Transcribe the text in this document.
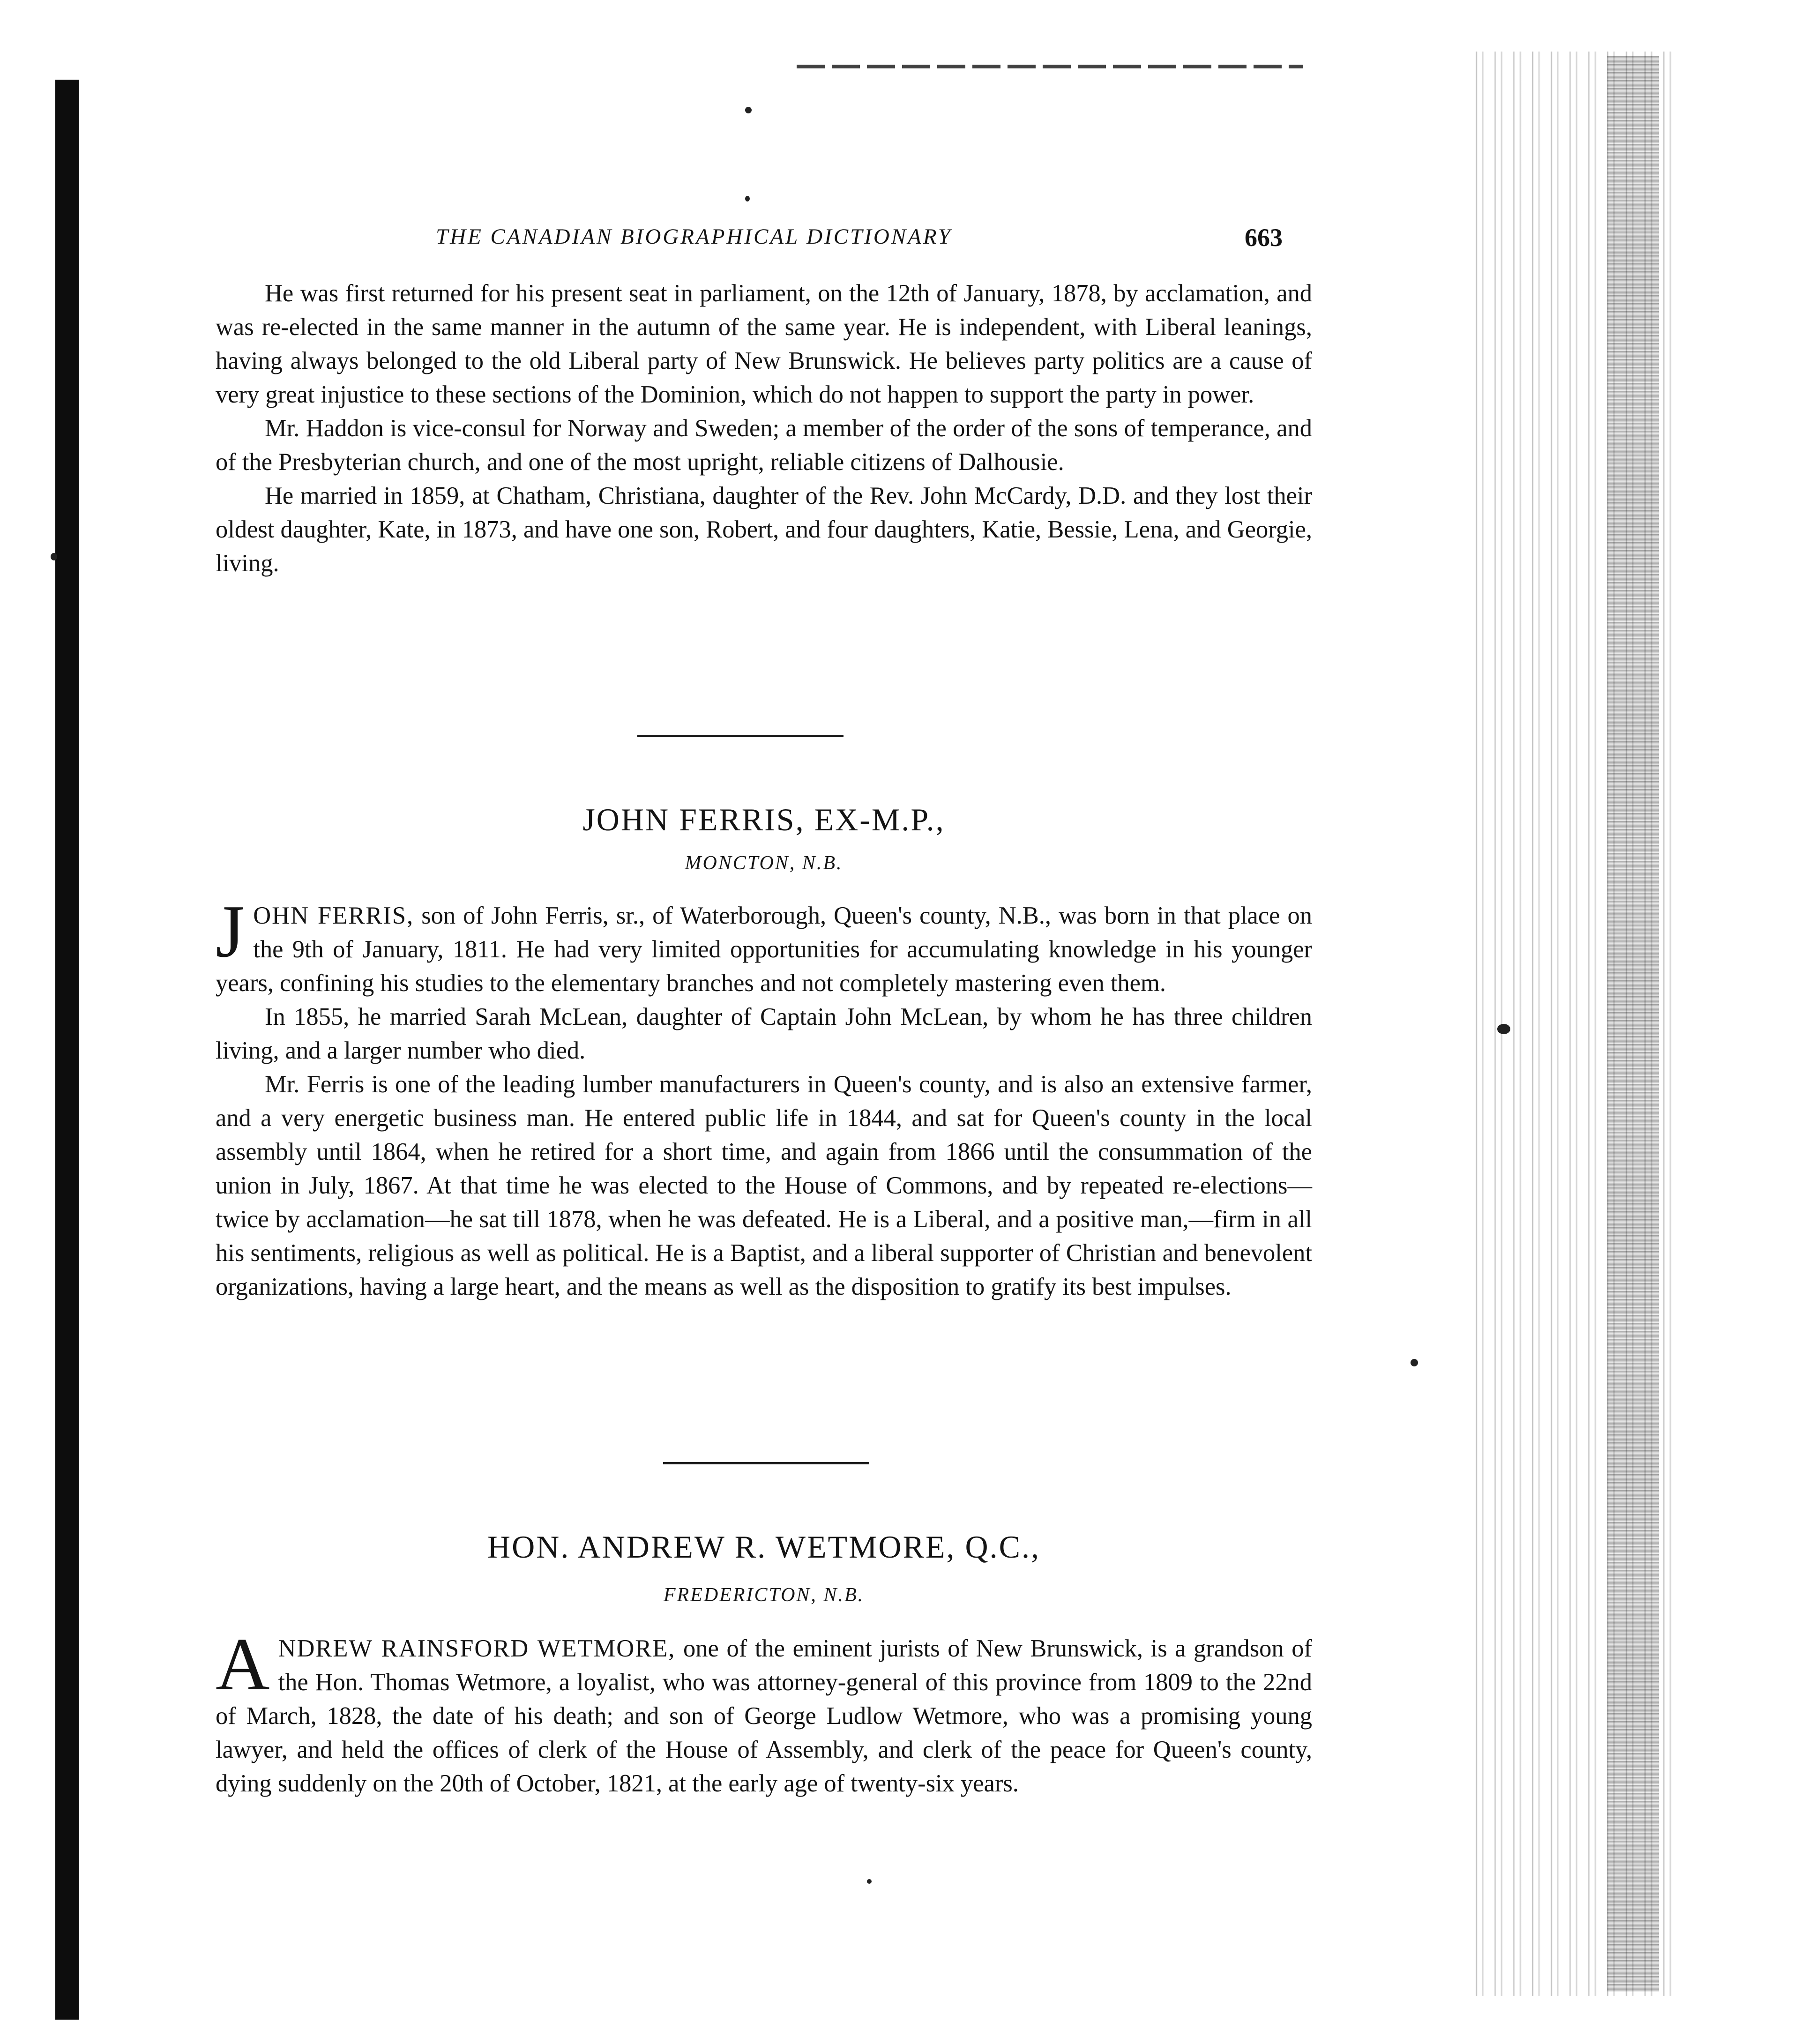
THE CANADIAN BIOGRAPHICAL DICTIONARY	663

He was first returned for his present seat in parliament, on the 12th of January, 1878, by acclamation, and was re-elected in the same manner in the autumn of the same year. He is independent, with Liberal leanings, having always belonged to the old Liberal party of New Brunswick. He believes party politics are a cause of very great injustice to these sections of the Dominion, which do not happen to support the party in power.

Mr. Haddon is vice-consul for Norway and Sweden; a member of the order of the sons of temperance, and of the Presbyterian church, and one of the most upright, reliable citizens of Dalhousie.

He married in 1859, at Chatham, Christiana, daughter of the Rev. John McCardy, D.D. and they lost their oldest daughter, Kate, in 1873, and have one son, Robert, and four daughters, Katie, Bessie, Lena, and Georgie, living.

JOHN FERRIS, EX-M.P.,
MONCTON, N.B.

JOHN FERRIS, son of John Ferris, sr., of Waterborough, Queen's county, N.B., was born in that place on the 9th of January, 1811. He had very limited opportunities for accumulating knowledge in his younger years, confining his studies to the elementary branches and not completely mastering even them.

In 1855, he married Sarah McLean, daughter of Captain John McLean, by whom he has three children living, and a larger number who died.

Mr. Ferris is one of the leading lumber manufacturers in Queen's county, and is also an extensive farmer, and a very energetic business man. He entered public life in 1844, and sat for Queen's county in the local assembly until 1864, when he retired for a short time, and again from 1866 until the consummation of the union in July, 1867. At that time he was elected to the House of Commons, and by repeated re-elections—twice by acclamation—he sat till 1878, when he was defeated. He is a Liberal, and a positive man,—firm in all his sentiments, religious as well as political. He is a Baptist, and a liberal supporter of Christian and benevolent organizations, having a large heart, and the means as well as the disposition to gratify its best impulses.

HON. ANDREW R. WETMORE, Q.C.,
FREDERICTON, N.B.

ANDREW RAINSFORD WETMORE, one of the eminent jurists of New Brunswick, is a grandson of the Hon. Thomas Wetmore, a loyalist, who was attorney-general of this province from 1809 to the 22nd of March, 1828, the date of his death; and son of George Ludlow Wetmore, who was a promising young lawyer, and held the offices of clerk of the House of Assembly, and clerk of the peace for Queen's county, dying suddenly on the 20th of October, 1821, at the early age of twenty-six years.
